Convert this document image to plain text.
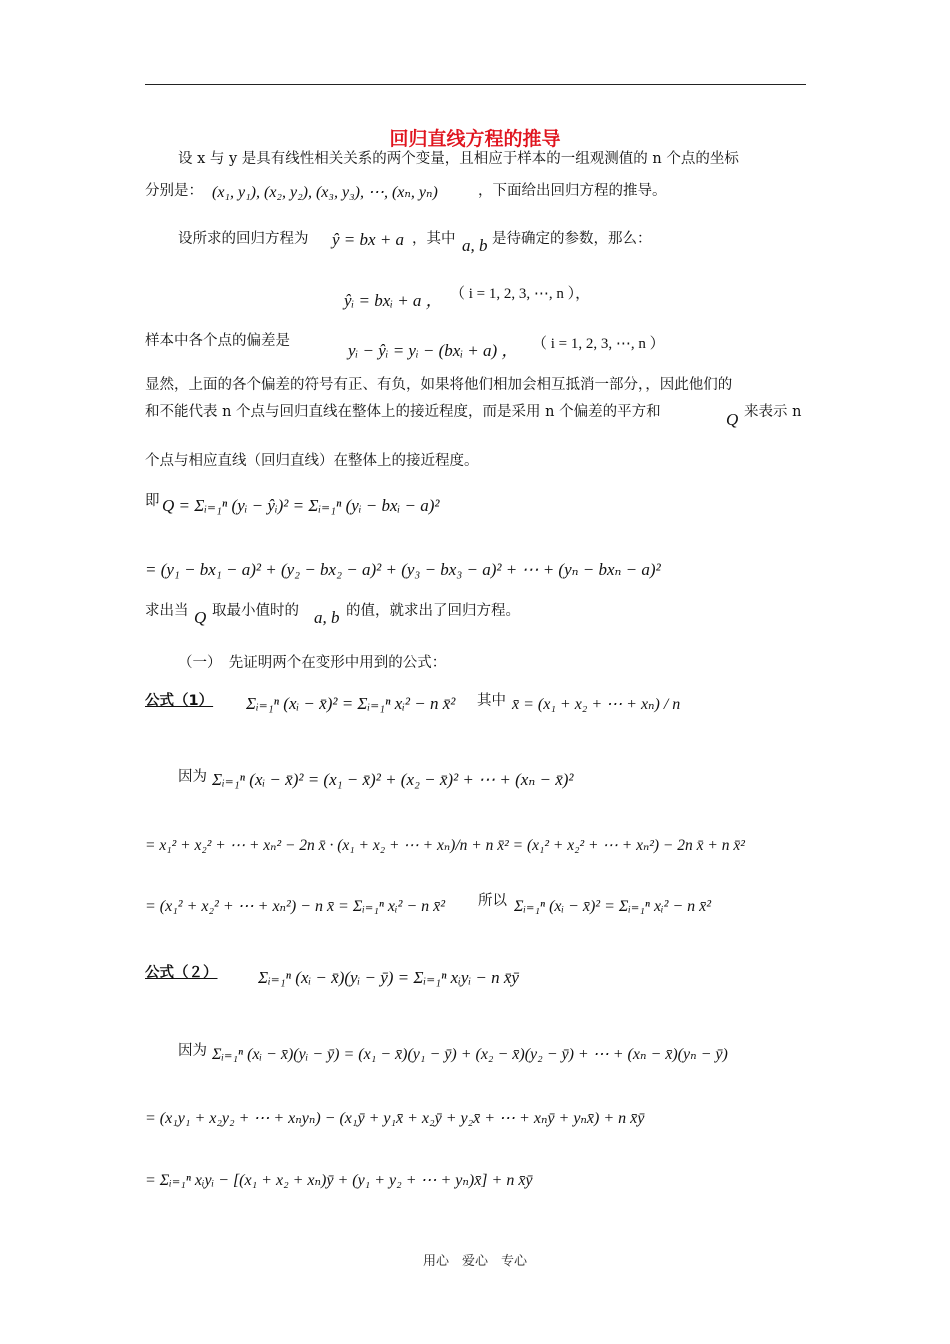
回归直线方程的推导
设 x 与 y 是具有线性相关关系的两个变量，且相应于样本的一组观测值的 n 个点的坐标
分别是： (x₁, y₁), (x₂, y₂), (x₃, y₃), ⋯, (xₙ, yₙ)	，下面给出回归方程的推导。
设所求的回归方程为 ŷ = bx + a ，其中 a, b 是待确定的参数，那么：
ŷᵢ = bxᵢ + a ， （ i = 1, 2, 3, ⋯, n ），
样本中各个点的偏差是	yᵢ − ŷᵢ = yᵢ − (bxᵢ + a) ， （ i = 1, 2, 3, ⋯, n ）
显然，上面的各个偏差的符号有正、有负，如果将他们相加会相互抵消一部分，，因此他们的
和不能代表 n 个点与回归直线在整体上的接近程度，而是采用 n 个偏差的平方和	Q 来表示 n
个点与相应直线（回归直线）在整体上的接近程度。
即 Q = Σᵢ₌₁ⁿ (yᵢ − ŷᵢ)² = Σᵢ₌₁ⁿ (yᵢ − bxᵢ − a)²
= (y₁ − bx₁ − a)² + (y₂ − bx₂ − a)² + (y₃ − bx₃ − a)² + ⋯ + (yₙ − bxₙ − a)²
求出当 Q 取最小值时的 a, b 的值，就求出了回归方程。
（一）　先证明两个在变形中用到的公式：
公式（1） Σᵢ₌₁ⁿ (xᵢ − x̄)² = Σᵢ₌₁ⁿ xᵢ² − n x̄² 其中 x̄ = (x₁ + x₂ + ⋯ + xₙ) / n
因为 Σᵢ₌₁ⁿ (xᵢ − x̄)² = (x₁ − x̄)² + (x₂ − x̄)² + ⋯ + (xₙ − x̄)²
= x₁² + x₂² + ⋯ + xₙ² − 2n x̄ · (x₁ + x₂ + ⋯ + xₙ)/n + n x̄² = (x₁² + x₂² + ⋯ + xₙ²) − 2n x̄ + n x̄²
= (x₁² + x₂² + ⋯ + xₙ²) − n x̄ = Σᵢ₌₁ⁿ xᵢ² − n x̄² 所以 Σᵢ₌₁ⁿ (xᵢ − x̄)² = Σᵢ₌₁ⁿ xᵢ² − n x̄²
公式（２） Σᵢ₌₁ⁿ (xᵢ − x̄)(yᵢ − ȳ) = Σᵢ₌₁ⁿ xᵢyᵢ − n x̄ȳ
因为 Σᵢ₌₁ⁿ (xᵢ − x̄)(yᵢ − ȳ) = (x₁ − x̄)(y₁ − ȳ) + (x₂ − x̄)(y₂ − ȳ) + ⋯ + (xₙ − x̄)(yₙ − ȳ)
= (x₁y₁ + x₂y₂ + ⋯ + xₙyₙ) − (x₁ȳ + y₁x̄ + x₂ȳ + y₂x̄ + ⋯ + xₙȳ + yₙx̄) + n x̄ȳ
= Σᵢ₌₁ⁿ xᵢyᵢ − [(x₁ + x₂ + xₙ)ȳ + (y₁ + y₂ + ⋯ + yₙ)x̄] + n x̄ȳ
用心　爱心　专心
